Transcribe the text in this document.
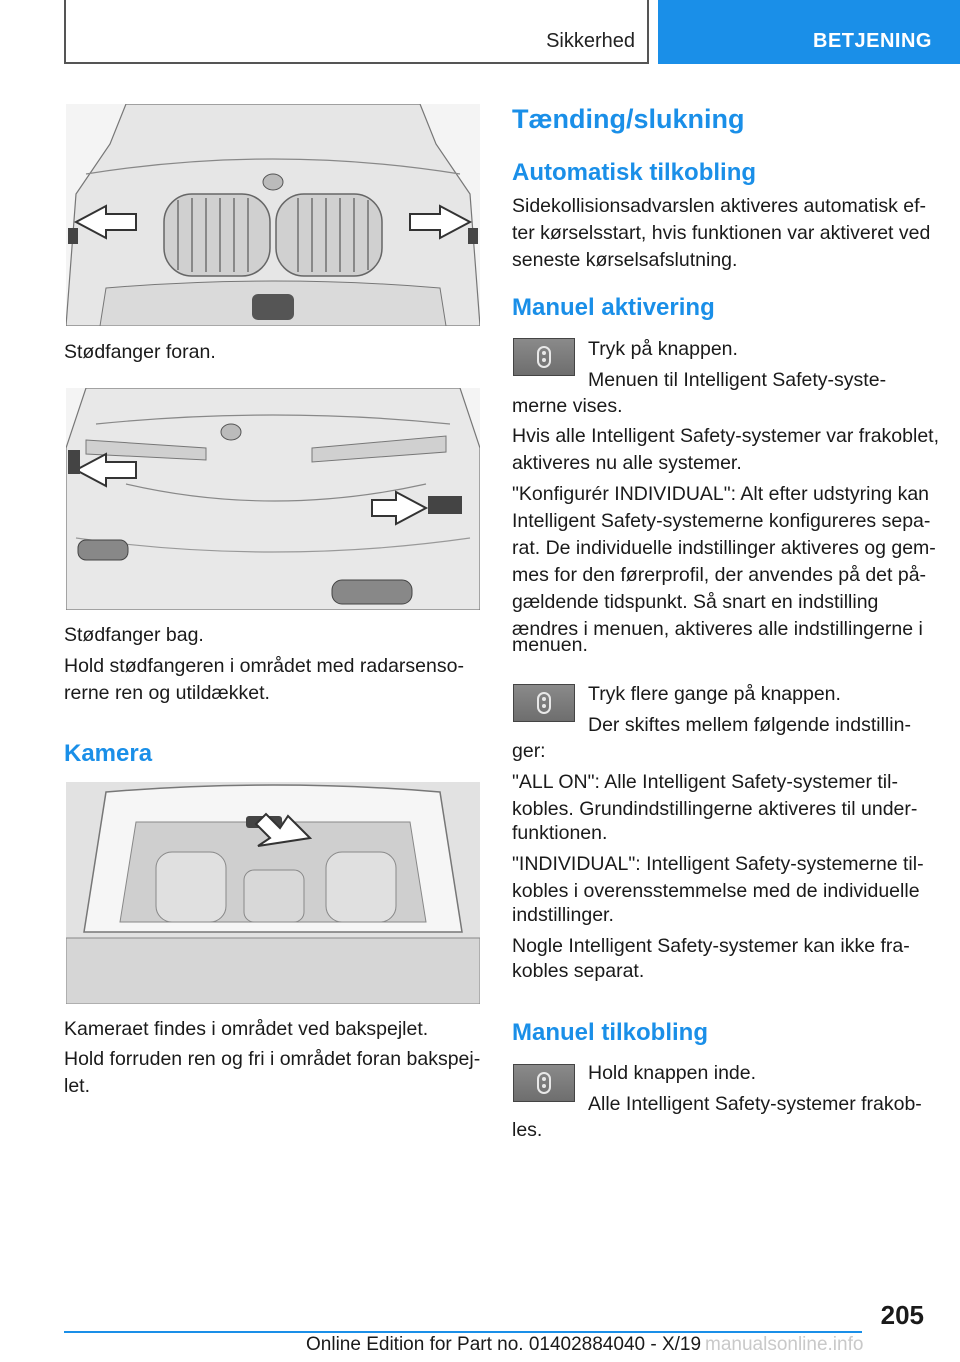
Sikkerhed	BETJENING

Stødfanger foran.

Stødfanger bag.

Hold stødfangeren i området med radarsenso-

rerne ren og utildækket.

Kamera

Kameraet findes i området ved bakspejlet.

Hold forruden ren og fri i området foran bakspej-

let.

Tænding/slukning
Automatisk tilkobling

Sidekollisionsadvarslen aktiveres automatisk ef-

ter kørselsstart, hvis funktionen var aktiveret ved

seneste kørselsafslutning.

Manuel aktivering

Tryk på knappen.

Menuen til Intelligent Safety-syste-

merne vises.

Hvis alle Intelligent Safety-systemer var frakoblet,

aktiveres nu alle systemer.

"Konfigurér INDIVIDUAL": Alt efter udstyring kan

Intelligent Safety-systemerne konfigureres sepa-

rat. De individuelle indstillinger aktiveres og gem-

mes for den førerprofil, der anvendes på det på-

gældende tidspunkt. Så snart en indstilling

ændres i menuen, aktiveres alle indstillingerne i

menuen.

Tryk flere gange på knappen.

Der skiftes mellem følgende indstillin-

ger:

"ALL ON": Alle Intelligent Safety-systemer til-

kobles. Grundindstillingerne aktiveres til under-

funktionen.

"INDIVIDUAL": Intelligent Safety-systemerne til-

kobles i overensstemmelse med de individuelle

indstillinger.

Nogle Intelligent Safety-systemer kan ikke fra-

kobles separat.

Manuel tilkobling

Hold knappen inde.

Alle Intelligent Safety-systemer frakob-

les.

205
Online Edition for Part no. 01402884040 - X/19 manualsonline.info
